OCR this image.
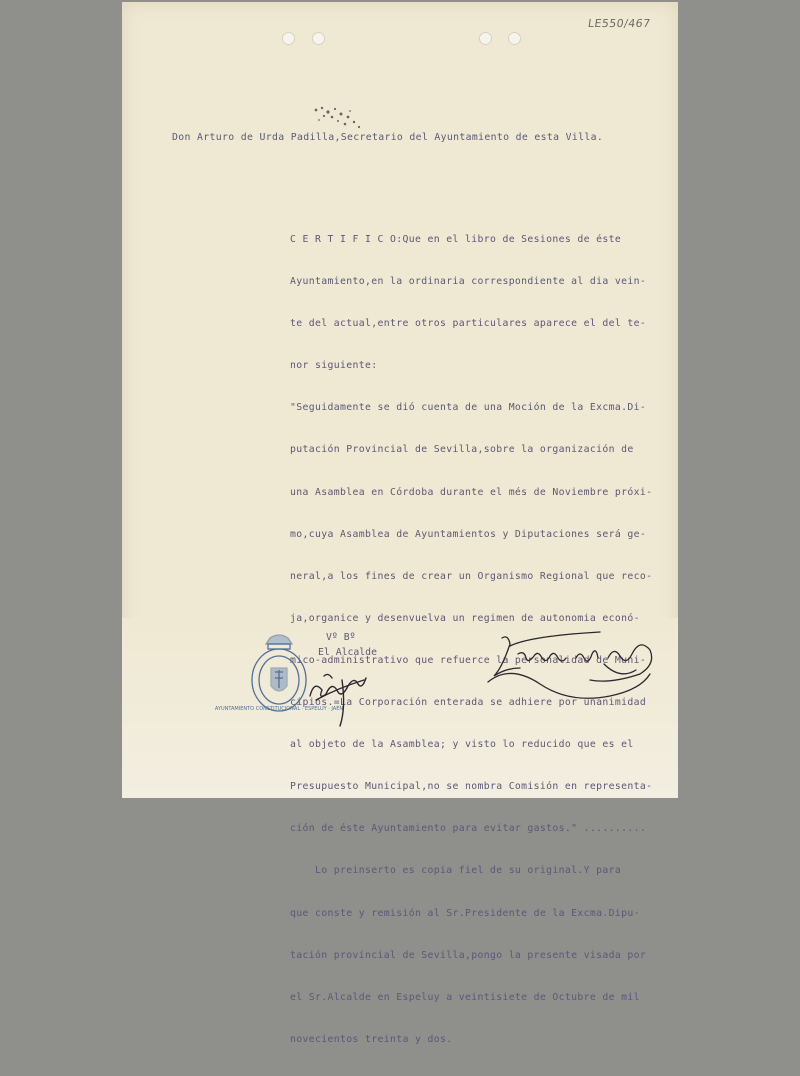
LE550/467
Don Arturo de Urda Padilla,Secretario del Ayuntamiento de esta Villa.

C E R T I F I C O:Que en el libro de Sesiones de éste

Ayuntamiento,en la ordinaria correspondiente al dia vein-

te del actual,entre otros particulares aparece el del te-

nor siguiente:

"Seguidamente se dió cuenta de una Moción de la Excma.Di-

putación Provincial de Sevilla,sobre la organización de

una Asamblea en Córdoba durante el més de Noviembre próxi-

mo,cuya Asamblea de Ayuntamientos y Diputaciones será ge-

neral,a los fines de crear un Organismo Regional que reco-

ja,organice y desenvuelva un regimen de autonomia econó-

mico-administrativo que refuerce la personalidad de Muni-

cipios.=La Corporación enterada se adhiere por unanimidad

al objeto de la Asamblea; y visto lo reducido que es el

Presupuesto Municipal,no se nombra Comisión en representa-

ción de éste Ayuntamiento para evitar gastos." ..........

Lo preinserto es copia fiel de su original.Y para

que conste y remisión al Sr.Presidente de la Excma.Dipu-

tación provincial de Sevilla,pongo la presente visada por

el Sr.Alcalde en Espeluy a veintisiete de Octubre de mil

novecientos treinta y dos.

AYUNTAMIENTO CONSTITUCIONAL · ESPELUY · JAÉN
Vº Bº
El Alcalde
